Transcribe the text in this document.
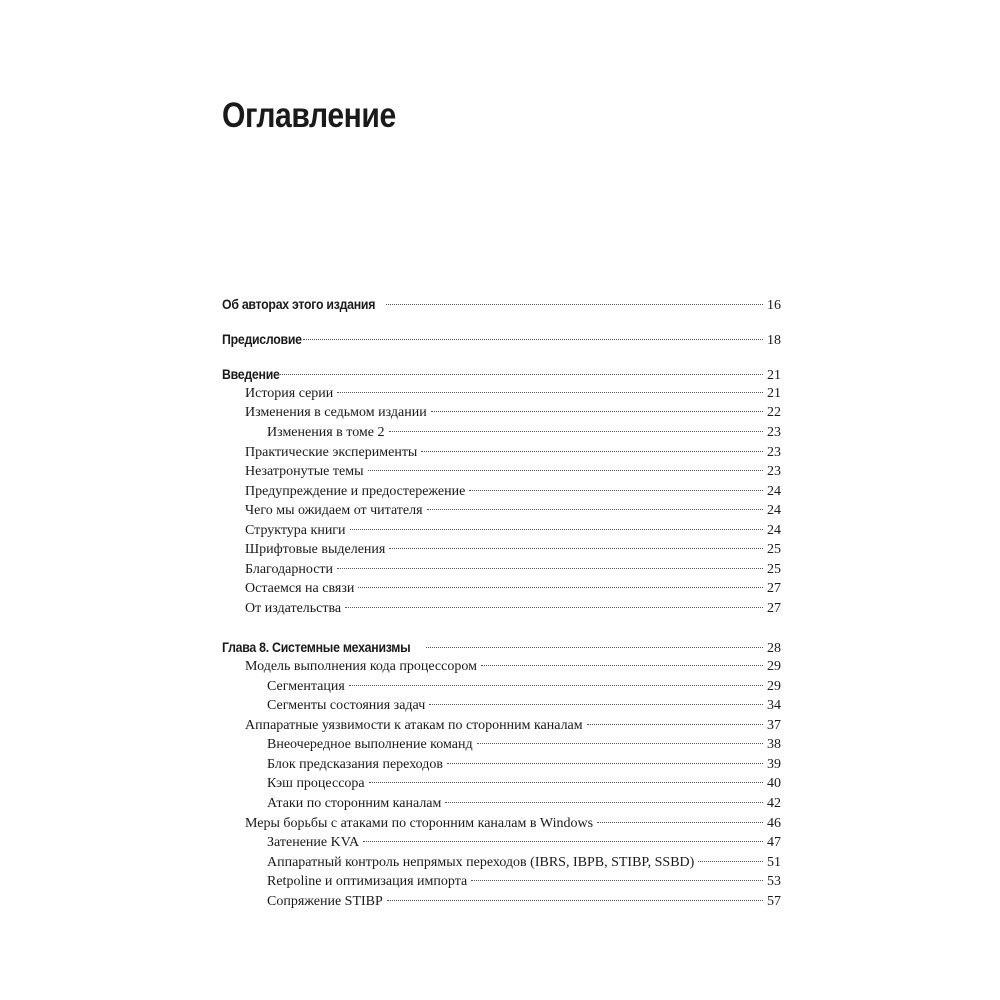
Оглавление
Об авторах этого издания	16
Предисловие	18
Введение	21
История серии	21
Изменения в седьмом издании	22
Изменения в томе 2	23
Практические эксперименты	23
Незатронутые темы	23
Предупреждение и предостережение	24
Чего мы ожидаем от читателя	24
Структура книги	24
Шрифтовые выделения	25
Благодарности	25
Остаемся на связи	27
От издательства	27
Глава 8. Системные механизмы	28
Модель выполнения кода процессором	29
Сегментация	29
Сегменты состояния задач	34
Аппаратные уязвимости к атакам по сторонним каналам	37
Внеочередное выполнение команд	38
Блок предсказания переходов	39
Кэш процессора	40
Атаки по сторонним каналам	42
Меры борьбы с атаками по сторонним каналам в Windows	46
Затенение KVA	47
Аппаратный контроль непрямых переходов (IBRS, IBPB, STIBP, SSBD)	51
Retpoline и оптимизация импорта	53
Сопряжение STIBP	57
